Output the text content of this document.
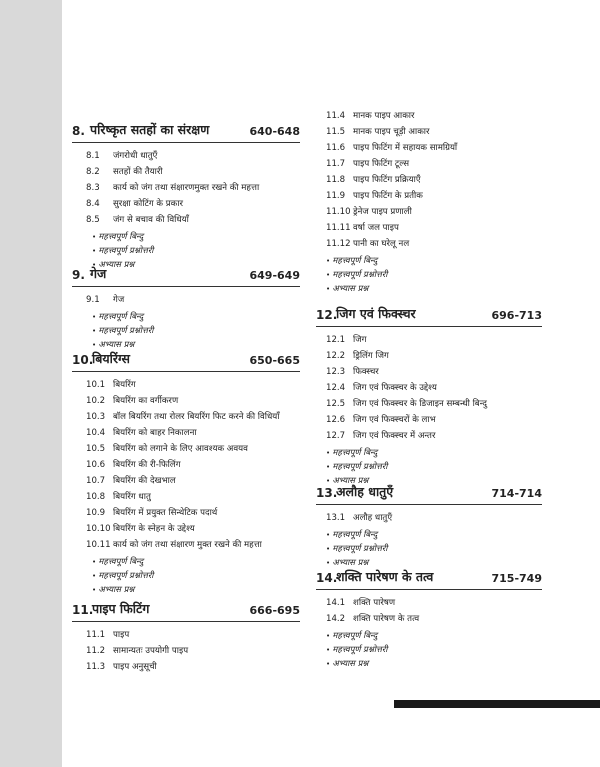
8. परिष्कृत सतहों का संरक्षण	640-648
8.1 जंगरोधी धातुएँ
8.2 सतहों की तैयारी
8.3 कार्य को जंग तथा संक्षारणमुक्त रखने की महत्ता
8.4 सुरक्षा कोटिंग के प्रकार
8.5 जंग से बचाव की विधियाँ
• महत्त्वपूर्ण बिन्दु
• महत्त्वपूर्ण प्रश्नोत्तरी
• अभ्यास प्रश्न
9. गेज	649-649
9.1 गेज
• महत्त्वपूर्ण बिन्दु
• महत्त्वपूर्ण प्रश्नोत्तरी
• अभ्यास प्रश्न
10.
बियरिंग्स	650-665
10.1 बियरिंग
10.2 बियरिंग का वर्गीकरण
10.3 बॉल बियरिंग तथा रोलर बियरिंग फिट करने की विधियाँ
10.4 बियरिंग को बाहर निकालना
10.5 बियरिंग को लगाने के लिए आवश्यक अवयव
10.6 बियरिंग की री-फिलिंग
10.7 बियरिंग की देखभाल
10.8 बियरिंग धातु
10.9 बियरिंग में प्रयुक्त सिन्थेटिक पदार्थ
10.10 बियरिंग के स्नेहन के उद्देश्य
10.11 कार्य को जंग तथा संक्षारण मुक्त रखने की महत्ता
• महत्त्वपूर्ण बिन्दु
• महत्त्वपूर्ण प्रश्नोत्तरी
• अभ्यास प्रश्न
11.
पाइप फिटिंग	666-695
11.1 पाइप
11.2 सामान्यतः उपयोगी पाइप
11.3 पाइप अनुसूची
11.4 मानक पाइप आकार
11.5 मानक पाइप चूड़ी आकार
11.6 पाइप फिटिंग में सहायक सामग्रियाँ
11.7 पाइप फिटिंग टूल्स
11.8 पाइप फिटिंग प्रक्रियाएँ
11.9 पाइप फिटिंग के प्रतीक
11.10 ड्रेनेज पाइप प्रणाली
11.11 वर्षा जल पाइप
11.12 पानी का घरेलू नल
• महत्त्वपूर्ण बिन्दु
• महत्त्वपूर्ण प्रश्नोत्तरी
• अभ्यास प्रश्न
12.
जिग एवं फिक्स्चर	696-713
12.1 जिग
12.2 ड्रिलिंग जिग
12.3 फिक्स्चर
12.4 जिग एवं फिक्स्चर के उद्देश्य
12.5 जिग एवं फिक्स्चर के डिजाइन सम्बन्धी बिन्दु
12.6 जिग एवं फिक्स्चरों के लाभ
12.7 जिग एवं फिक्स्चर में अन्तर
• महत्त्वपूर्ण बिन्दु
• महत्त्वपूर्ण प्रश्नोत्तरी
• अभ्यास प्रश्न
13.
अलौह धातुएँ	714-714
13.1 अलौह धातुएँ
• महत्त्वपूर्ण बिन्दु
• महत्त्वपूर्ण प्रश्नोत्तरी
• अभ्यास प्रश्न
14.
शक्ति पारेषण के तत्व	715-749
14.1 शक्ति पारेषण
14.2 शक्ति पारेषण के तत्व
• महत्त्वपूर्ण बिन्दु
• महत्त्वपूर्ण प्रश्नोत्तरी
• अभ्यास प्रश्न
